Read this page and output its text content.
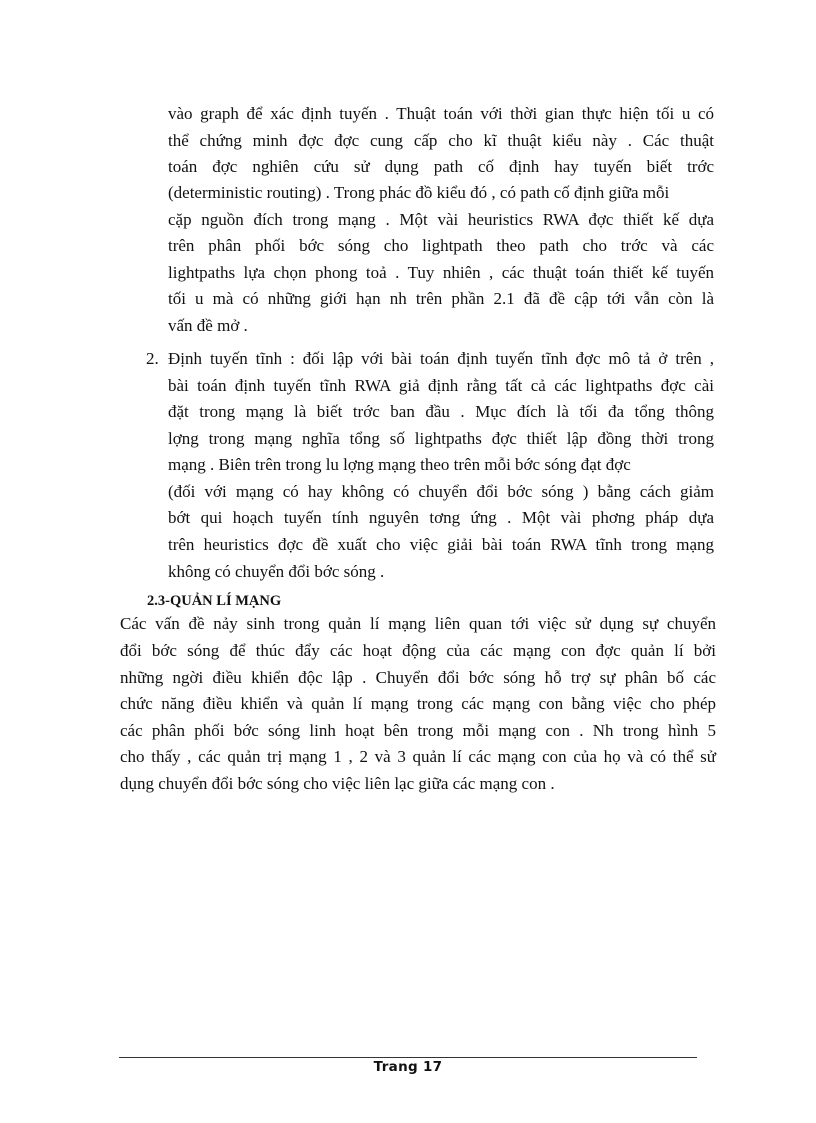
vào graph để xác định tuyến . Thuật toán với thời gian thực hiện tối u có
thể chứng minh đợc đợc cung cấp cho kĩ thuật kiểu này . Các thuật
toán đợc nghiên cứu sử dụng path cố định hay tuyến biết trớc
(deterministic routing) . Trong phác đồ kiểu đó , có path cố định giữa mỗi
cặp nguồn đích trong mạng . Một vài heuristics RWA đợc thiết kế dựa
trên phân phối bớc sóng cho lightpath theo path cho trớc và các
lightpaths lựa chọn phong toả . Tuy nhiên , các thuật toán thiết kế tuyến
tối u mà có những giới hạn nh trên phần 2.1 đã đề cập tới vẫn còn là
vấn đề mở .
2. Định tuyến tĩnh : đối lập với bài toán định tuyến tĩnh đợc mô tả ở trên ,
bài toán định tuyến tĩnh RWA giả định rằng tất cả các lightpaths đợc cài
đặt trong mạng là biết trớc ban đầu . Mục đích là tối đa tổng thông
lợng trong mạng nghĩa tổng số lightpaths đợc thiết lập đồng thời trong
mạng . Biên trên trong lu lợng mạng theo trên mỗi bớc sóng đạt đợc
(đối với mạng có hay không có chuyển đổi bớc sóng ) bằng cách giảm
bớt qui hoạch tuyến tính nguyên tơng ứng . Một vài phơng pháp dựa
trên heuristics đợc đề xuất cho việc giải bài toán RWA tĩnh trong mạng
không có chuyển đổi bớc sóng .
2.3-QUẢN LÍ MẠNG
Các vấn đề nảy sinh trong quản lí mạng liên quan tới việc sử dụng sự chuyển
đổi bớc sóng để thúc đẩy các hoạt động của các mạng con đợc quản lí bởi
những ngời điều khiển độc lập . Chuyển đổi bớc sóng hỗ trợ sự phân bố các
chức năng điều khiển và quản lí mạng trong các mạng con bằng việc cho phép
các phân phối bớc sóng linh hoạt bên trong mỗi mạng con . Nh trong hình 5
cho thấy , các quản trị mạng 1 , 2 và 3 quản lí các mạng con của họ và có thể sử
dụng chuyển đổi bớc sóng cho việc liên lạc giữa các mạng con .
Trang 17
